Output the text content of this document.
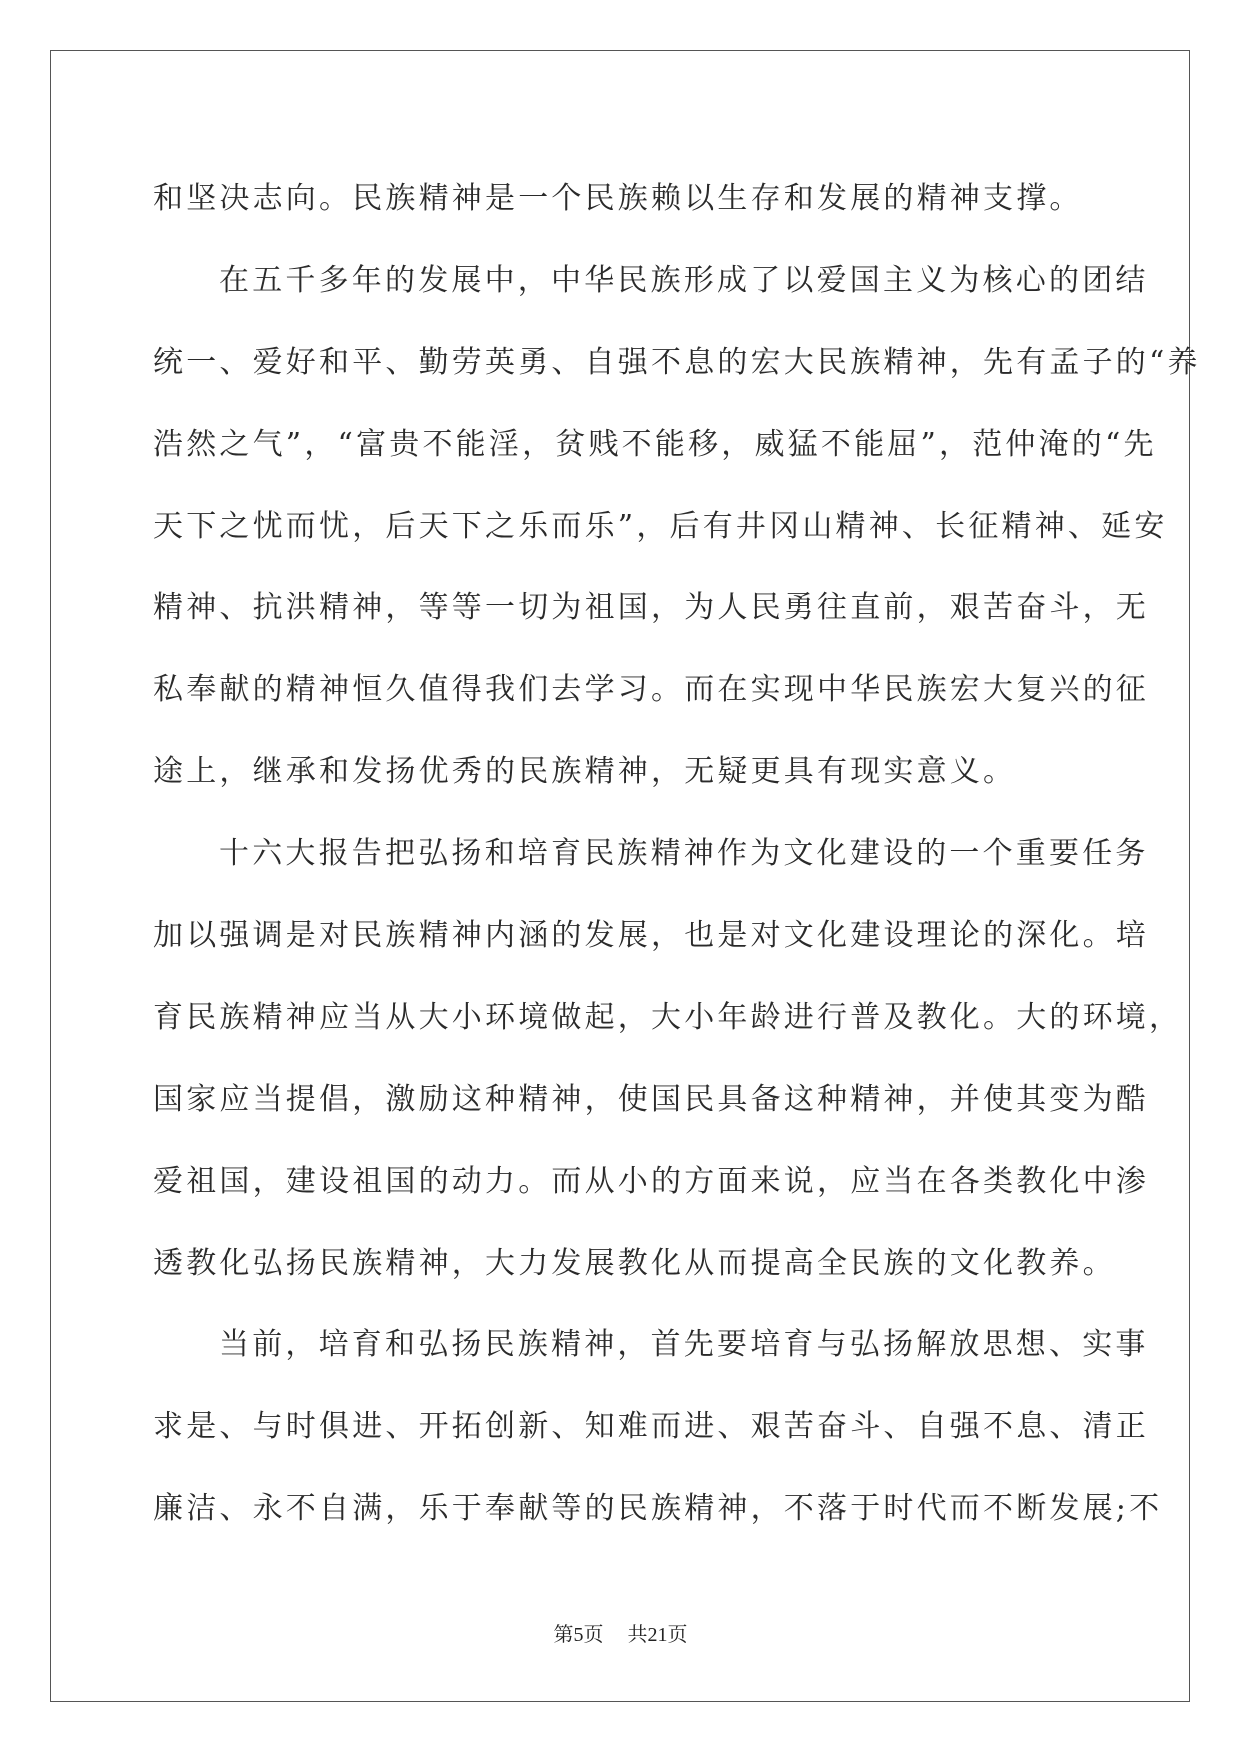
和坚决志向。民族精神是一个民族赖以生存和发展的精神支撑。
在五千多年的发展中，中华民族形成了以爱国主义为核心的团结
统一、爱好和平、勤劳英勇、自强不息的宏大民族精神，先有孟子的“养
浩然之气”，“富贵不能淫，贫贱不能移，威猛不能屈”，范仲淹的“先
天下之忧而忧，后天下之乐而乐”，后有井冈山精神、长征精神、延安
精神、抗洪精神，等等一切为祖国，为人民勇往直前，艰苦奋斗，无
私奉献的精神恒久值得我们去学习。而在实现中华民族宏大复兴的征
途上，继承和发扬优秀的民族精神，无疑更具有现实意义。
十六大报告把弘扬和培育民族精神作为文化建设的一个重要任务
加以强调是对民族精神内涵的发展，也是对文化建设理论的深化。培
育民族精神应当从大小环境做起，大小年龄进行普及教化。大的环境，
国家应当提倡，激励这种精神，使国民具备这种精神，并使其变为酷
爱祖国，建设祖国的动力。而从小的方面来说，应当在各类教化中渗
透教化弘扬民族精神，大力发展教化从而提高全民族的文化教养。
当前，培育和弘扬民族精神，首先要培育与弘扬解放思想、实事
求是、与时俱进、开拓创新、知难而进、艰苦奋斗、自强不息、清正
廉洁、永不自满，乐于奉献等的民族精神，不落于时代而不断发展;不
第5页 共21页
